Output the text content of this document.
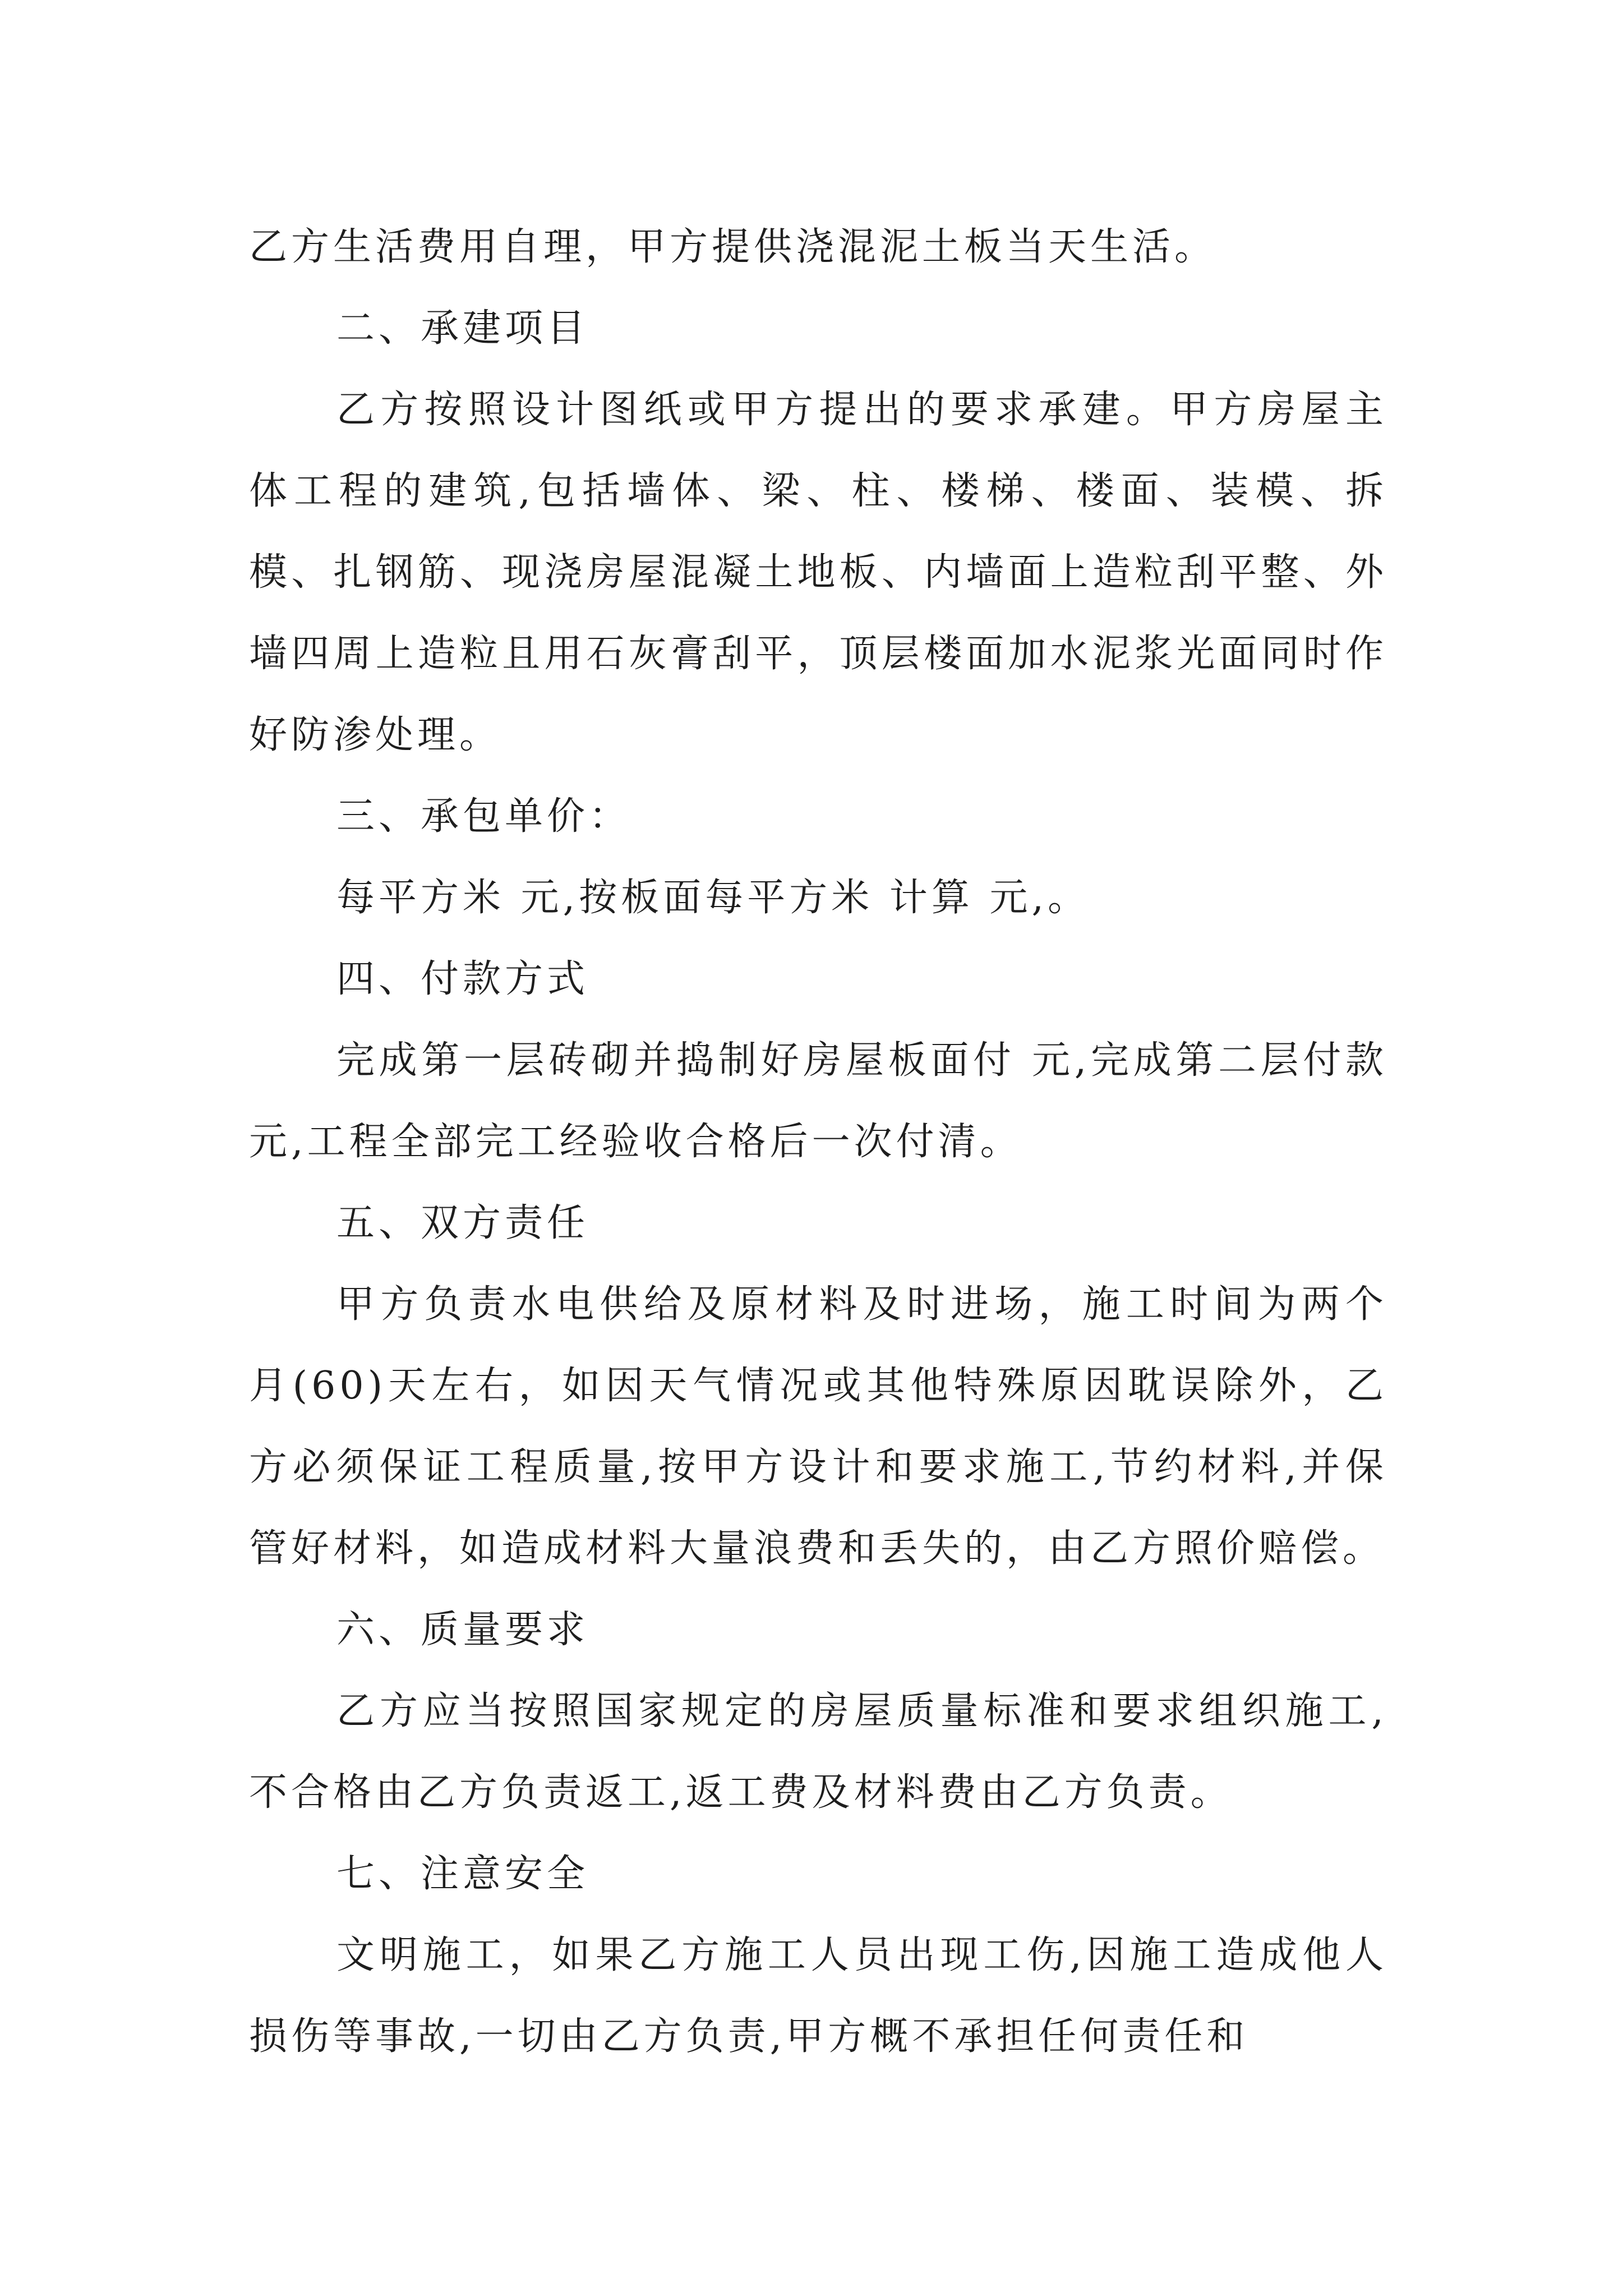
乙方生活费用自理，甲方提供浇混泥土板当天生活。

二、承建项目

乙方按照设计图纸或甲方提出的要求承建。甲方房屋主体工程的建筑,包括墙体、梁、柱、楼梯、楼面、装模、拆模、扎钢筋、现浇房屋混凝土地板、内墙面上造粒刮平整、外墙四周上造粒且用石灰膏刮平，顶层楼面加水泥浆光面同时作好防渗处理。

三、承包单价：

每平方米 元,按板面每平方米 计算 元,。

四、付款方式

完成第一层砖砌并捣制好房屋板面付 元,完成第二层付款 元,工程全部完工经验收合格后一次付清。

五、双方责任

甲方负责水电供给及原材料及时进场，施工时间为两个月(60)天左右，如因天气情况或其他特殊原因耽误除外，乙方必须保证工程质量,按甲方设计和要求施工,节约材料,并保管好材料，如造成材料大量浪费和丢失的，由乙方照价赔偿。

六、质量要求

乙方应当按照国家规定的房屋质量标准和要求组织施工,不合格由乙方负责返工,返工费及材料费由乙方负责。

七、注意安全

文明施工，如果乙方施工人员出现工伤,因施工造成他人损伤等事故,一切由乙方负责,甲方概不承担任何责任和
